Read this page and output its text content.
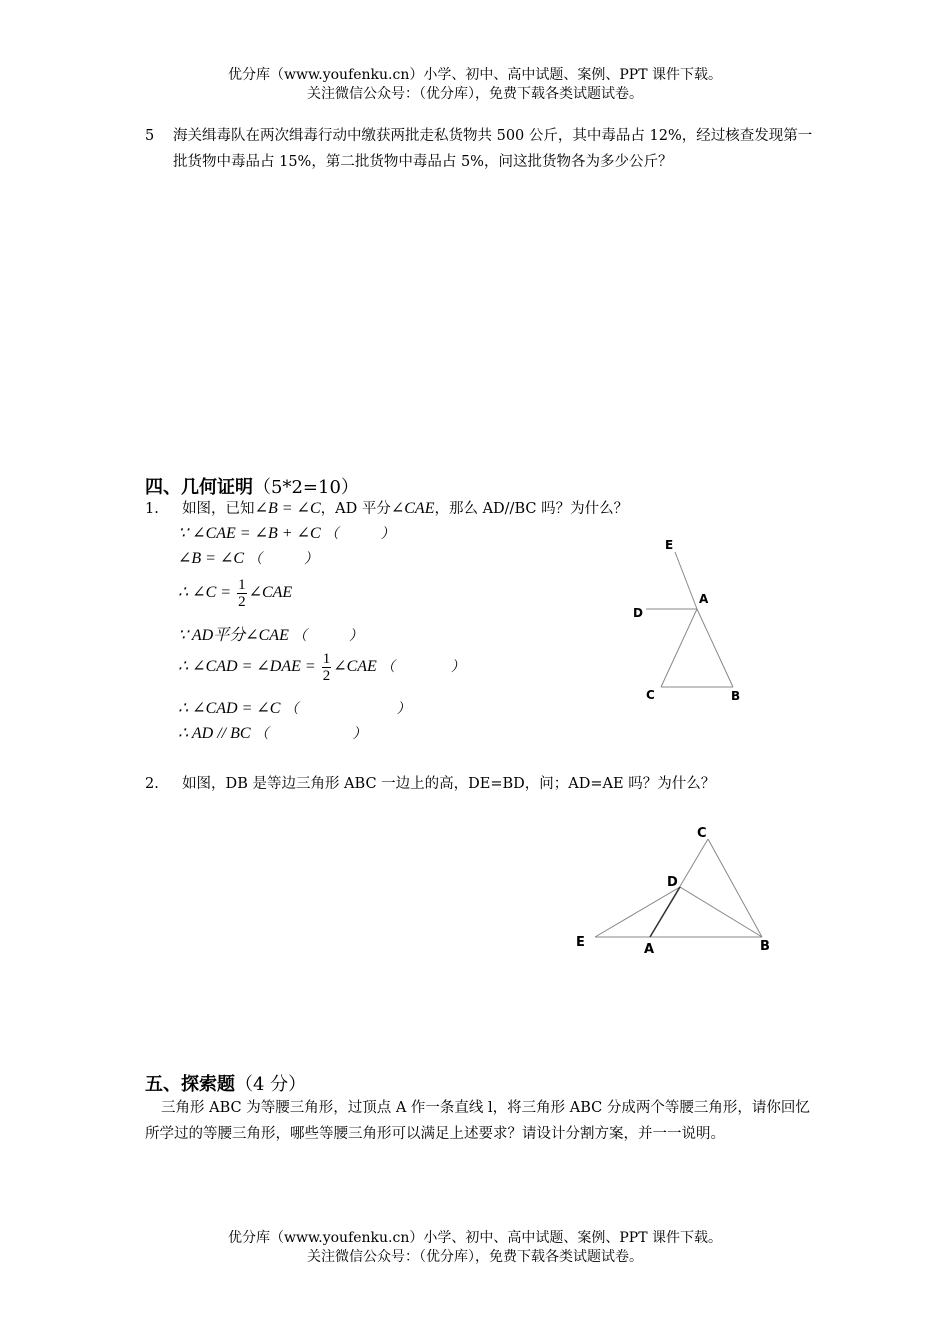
优分库（www.youfenku.cn）小学、初中、高中试题、案例、PPT 课件下载。
关注微信公众号：（优分库），免费下载各类试题试卷。
5 海关缉毒队在两次缉毒行动中缴获两批走私货物共 500 公斤，其中毒品占 12%，经过核查发现第一批货物中毒品占 15%，第二批货物中毒品占 5%，问这批货物各为多少公斤？
四、几何证明（5*2=10）
1. 如图，已知∠B = ∠C，AD 平分∠CAE，那么 AD//BC 吗？为什么？
∵ ∠CAE = ∠B + ∠C （　　　）
∠B = ∠C （　　　）
∴ ∠C = $\frac{1}{2}$ ∠CAE
∵ AD平分∠CAE （　　　）
∴ ∠CAD = ∠DAE = $\frac{1}{2}$ ∠CAE （　　　　）
∴ ∠CAD = ∠C （　　　　　　　）
∴ AD // BC （　　　　　　）
E
A
D
C	B
2. 如图，DB 是等边三角形 ABC 一边上的高，DE=BD，问；AD=AE 吗？为什么？
C
D
E	A	B
五、探索题（4 分）
三角形 ABC 为等腰三角形，过顶点 A 作一条直线 l，将三角形 ABC 分成两个等腰三角形，请你回忆所学过的等腰三角形，哪些等腰三角形可以满足上述要求？请设计分割方案，并一一说明。
优分库（www.youfenku.cn）小学、初中、高中试题、案例、PPT 课件下载。
关注微信公众号：（优分库），免费下载各类试题试卷。
